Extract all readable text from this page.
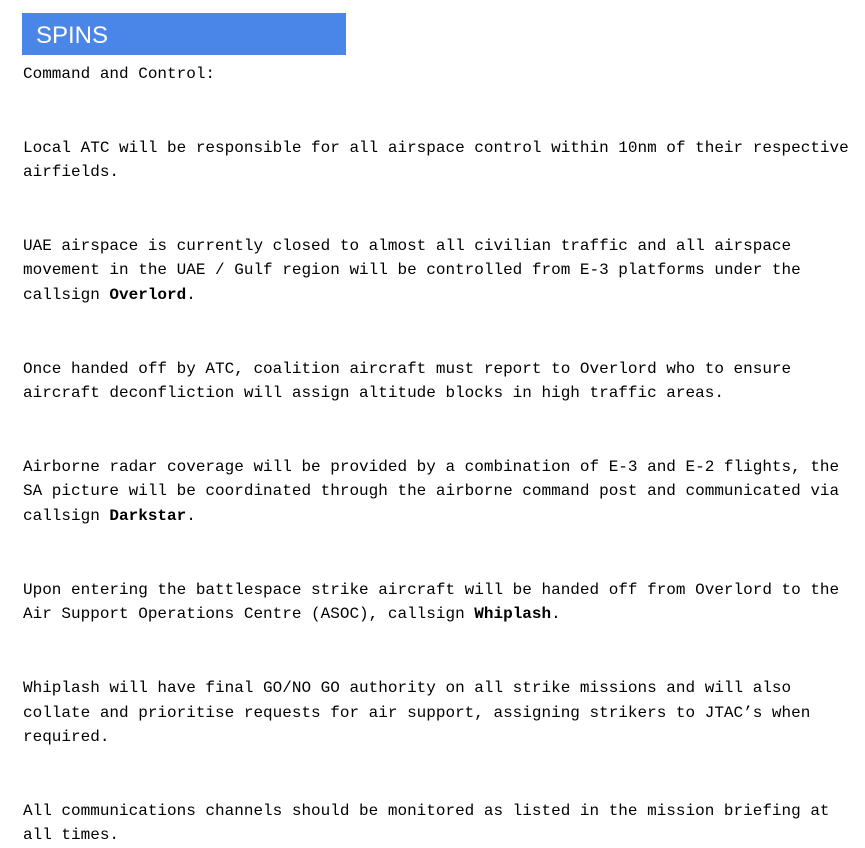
SPINS

Command and Control:

Local ATC will be responsible for all airspace control within 10nm of their respective

airfields.

UAE airspace is currently closed to almost all civilian traffic and all airspace

movement in the UAE / Gulf region will be controlled from E-3 platforms under the

callsign Overlord.

Once handed off by ATC, coalition aircraft must report to Overlord who to ensure

aircraft deconfliction will assign altitude blocks in high traffic areas.

Airborne radar coverage will be provided by a combination of E-3 and E-2 flights, the

SA picture will be coordinated through the airborne command post and communicated via

callsign Darkstar.

Upon entering the battlespace strike aircraft will be handed off from Overlord to the

Air Support Operations Centre (ASOC), callsign Whiplash.

Whiplash will have final GO/NO GO authority on all strike missions and will also

collate and prioritise requests for air support, assigning strikers to JTAC’s when

required.

All communications channels should be monitored as listed in the mission briefing at

all times.
